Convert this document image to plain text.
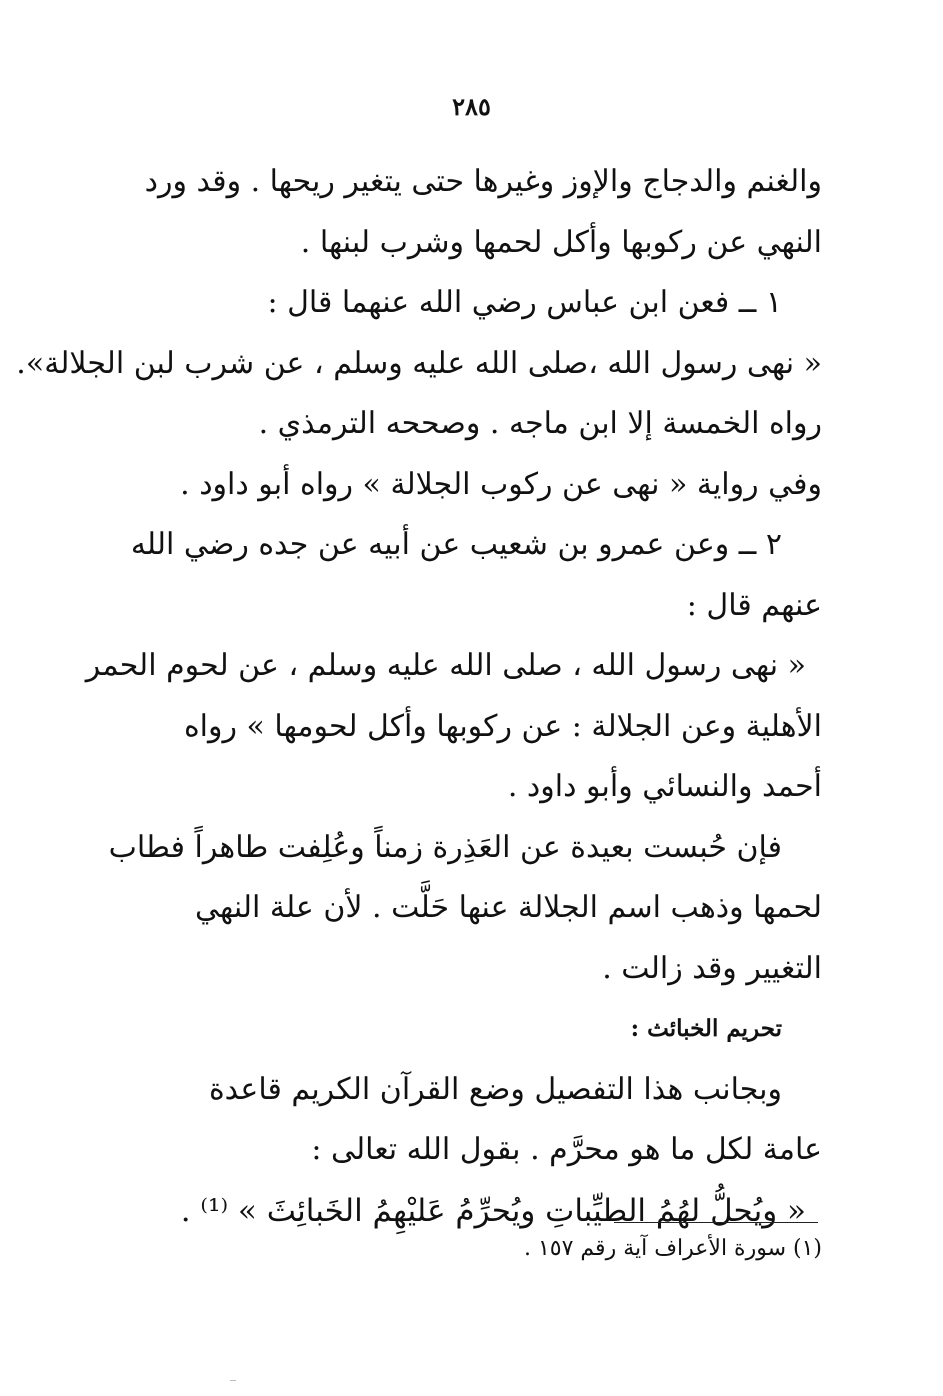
٢٨٥
والغنم والدجاج والإوز وغيرها حتى يتغير ريحها . وقد ورد
النهي عن ركوبها وأكل لحمها وشرب لبنها .
١ ــ فعن ابن عباس رضي الله عنهما قال :
« نهى رسول الله ،صلى الله عليه وسلم ، عن شرب لبن الجلالة».
رواه الخمسة إلا ابن ماجه . وصححه الترمذي .
وفي رواية « نهى عن ركوب الجلالة » رواه أبو داود .
٢ ــ وعن عمرو بن شعيب عن أبيه عن جده رضي الله
عنهم قال :
« نهى رسول الله ، صلى الله عليه وسلم ، عن لحوم الحمر
الأهلية وعن الجلالة : عن ركوبها وأكل لحومها » رواه
أحمد والنسائي وأبو داود .
فإن حُبست بعيدة عن العَذِرة زمناً وعُلِفت طاهراً فطاب
لحمها وذهب اسم الجلالة عنها حَلَّت . لأن علة النهي
التغيير وقد زالت .
تحريم الخبائث :
وبجانب هذا التفصيل وضع القرآن الكريم قاعدة
عامة لكل ما هو محرَّم . بقول الله تعالى :
« ويُحلُّ لهُمُ الطيِّباتِ ويُحرِّمُ عَليْهِمُ الخَبائِثَ » ⁽¹⁾ .
(١) سورة الأعراف آية رقم ١٥٧ .
